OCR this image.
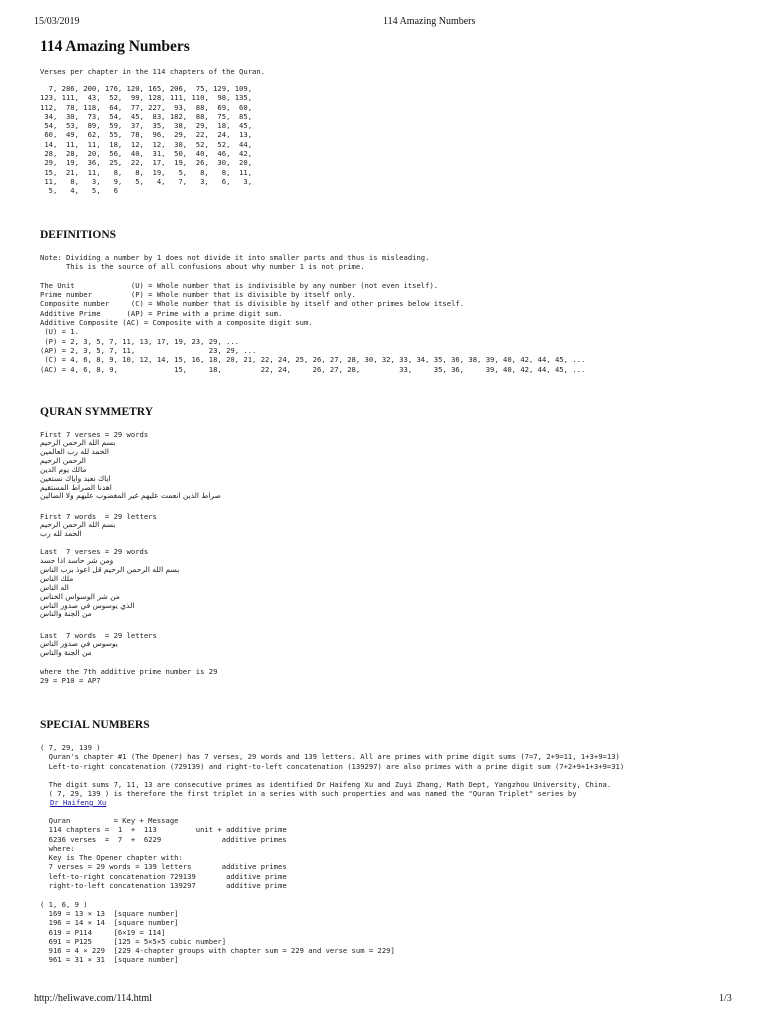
15/03/2019	114 Amazing Numbers
114 Amazing Numbers
Verses per chapter in the 114 chapters of the Quran.
7, 286, 200, 176, 120, 165, 206,  75, 129, 109,
123, 111,  43,  52,  99, 128, 111, 110,  98, 135,
112,  78, 118,  64,  77, 227,  93,  88,  69,  60,
34,  30,  73,  54,  45,  83, 182,  88,  75,  85,
54,  53,  89,  59,  37,  35,  38,  29,  18,  45,
60,  49,  62,  55,  78,  96,  29,  22,  24,  13,
14,  11,  11,  18,  12,  12,  30,  52,  52,  44,
28,  28,  20,  56,  40,  31,  50,  40,  46,  42,
29,  19,  36,  25,  22,  17,  19,  26,  30,  20,
15,  21,  11,   8,   8,  19,   5,   8,   8,  11,
11,   8,   3,   9,   5,   4,   7,   3,   6,   3,
5,   4,   5,   6
DEFINITIONS
Note: Dividing a number by 1 does not divide it into smaller parts and thus is misleading.
This is the source of all confusions about why number 1 is not prime.

The Unit             (U) = Whole number that is indivisible by any number (not even itself).
Prime number         (P) = Whole number that is divisible by itself only.
Composite number     (C) = Whole number that is divisible by itself and other primes below itself.
Additive Prime      (AP) = Prime with a prime digit sum.
Additive Composite (AC) = Composite with a composite digit sum.
(U) = 1.
(P) = 2, 3, 5, 7, 11, 13, 17, 19, 23, 29, ...
(AP) = 2, 3, 5, 7, 11,                 23, 29, ...
(C) = 4, 6, 8, 9, 10, 12, 14, 15, 16, 18, 20, 21, 22, 24, 25, 26, 27, 28, 30, 32, 33, 34, 35, 36, 38, 39, 40, 42, 44, 45, ...
(AC) = 4, 6, 8, 9,             15,     18,         22, 24,     26, 27, 28,         33,     35, 36,     39, 40, 42, 44, 45, ...
QURAN SYMMETRY
First 7 verses = 29 words
بسم الله الرحمن الرحيم
الحمد لله رب العالمين
الرحمن الرحيم
مالك يوم الدين
اياك نعبد واياك نستعين
اهدنا الصراط المستقيم
صراط الذين انعمت عليهم غير المغضوب عليهم ولا الضالين
First 7 words  = 29 letters
بسم الله الرحمن الرحيم
الحمد لله رب
Last  7 verses = 29 words
ومن شر حاسد اذا حسد
بسم الله الرحمن الرحيم قل اعوذ برب الناس
ملك الناس
اله الناس
من شر الوسواس الخناس
الذي يوسوس في صدور الناس
من الجنة والناس
Last  7 words  = 29 letters
يوسوس في صدور الناس
من الجنة والناس
where the 7th additive prime number is 29
29 = P10 = AP7
SPECIAL NUMBERS
( 7, 29, 139 )
Quran's chapter #1 (The Opener) has 7 verses, 29 words and 139 letters. All are primes with prime digit sums (7=7, 2+9=11, 1+3+9=13)
Left-to-right concatenation (729139) and right-to-left concatenation (139297) are also primes with a prime digit sum (7+2+9+1+3+9=31)

The digit sums 7, 11, 13 are consecutive primes as identified Dr Haifeng Xu and Zuyi Zhang, Math Dept, Yangzhou University, China.
( 7, 29, 139 ) is therefore the first triplet in a series with such properties and was named the "Quran Triplet" series by
Dr Haifeng Xu
Quran          = Key + Message
114 chapters =  1  +  113         unit + additive prime
6236 verses  =  7  +  6229              additive primes
where:
Key is The Opener chapter with:
7 verses = 29 words = 139 letters       additive primes
left-to-right concatenation 729139       additive prime
right-to-left concatenation 139297       additive prime

( 1, 6, 9 )
169 = 13 × 13  [square number]
196 = 14 × 14  [square number]
619 = P114     [6×19 = 114]
691 = P125     [125 = 5×5×5 cubic number]
916 = 4 × 229  [229 4-chapter groups with chapter sum = 229 and verse sum = 229]
961 = 31 × 31  [square number]
http://heliwave.com/114.html	1/3
